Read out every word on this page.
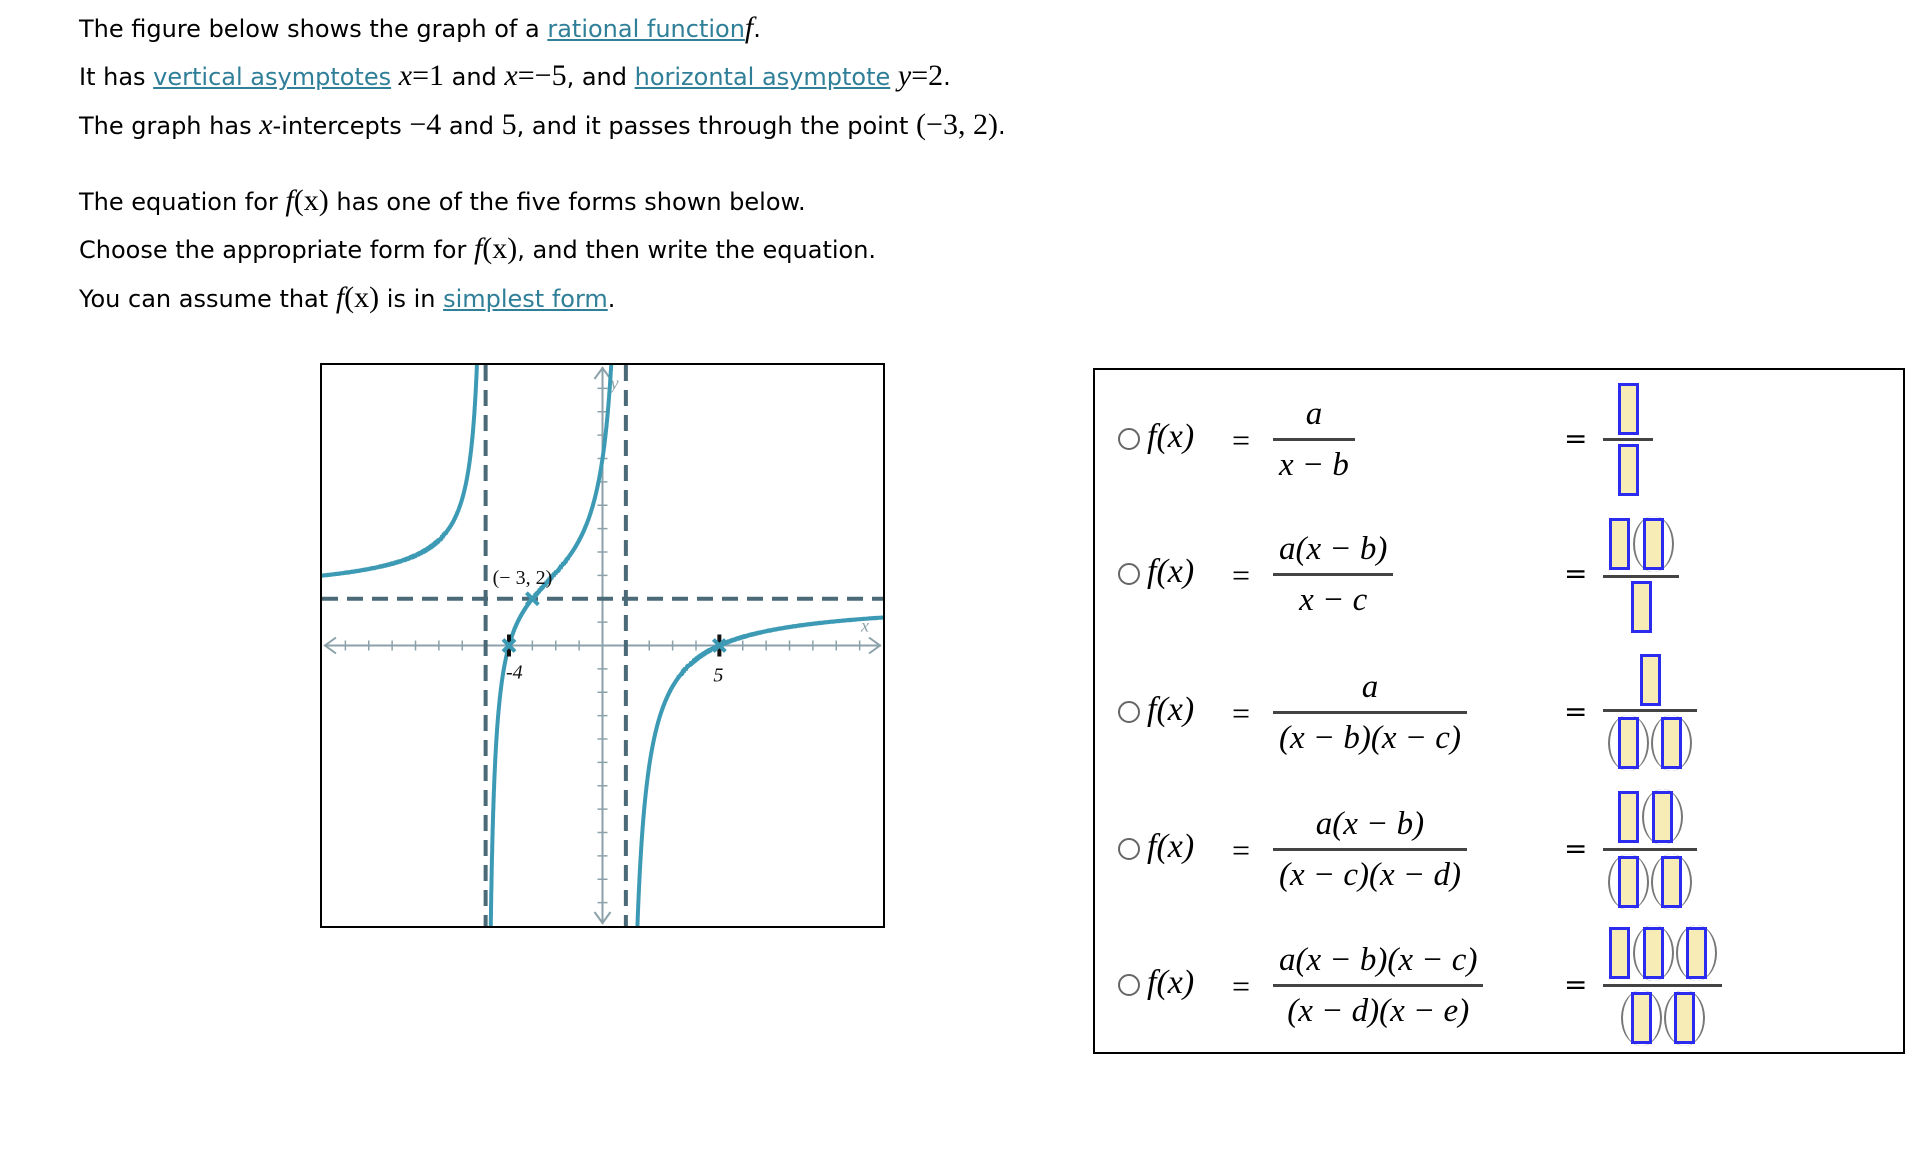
The figure below shows the graph of a rational functionf.
It has vertical asymptotes x=1 and x=−5, and horizontal asymptote y=2.
The graph has x-intercepts −4 and 5, and it passes through the point (−3, 2).
The equation for f(x) has one of the five forms shown below.
Choose the appropriate form for f(x), and then write the equation.
You can assume that f(x) is in simplest form.
x
y
-4	5
(− 3, 2)
f(x) =
a
x − b
=
f(x) =
a(x − b)
x − c
=
f(x) =
a
(x − b)(x − c)
=
f(x) =
a(x − b)
(x − c)(x − d)
=
f(x) =
a(x − b)(x − c)
(x − d)(x − e)
=
